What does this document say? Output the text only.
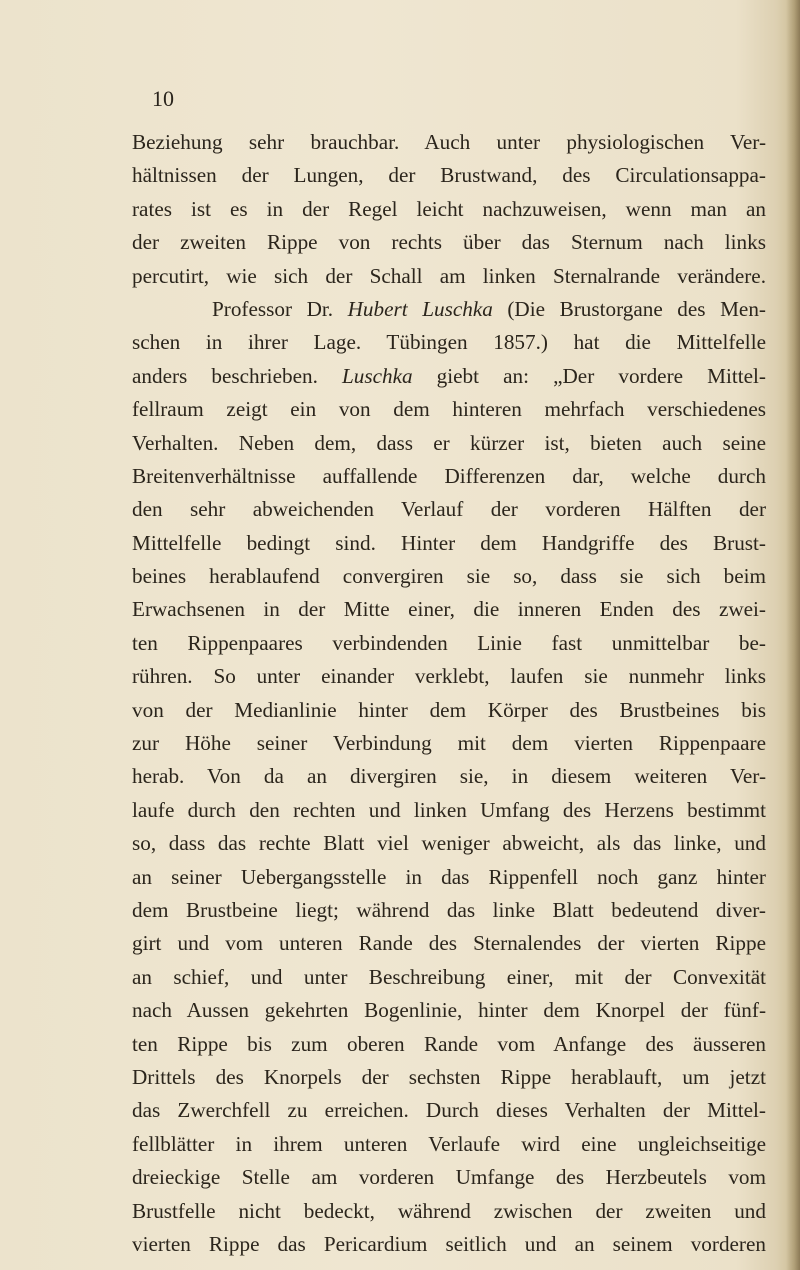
10
Beziehung sehr brauchbar. Auch unter physiologischen Ver-
hältnissen der Lungen, der Brustwand, des Circulationsappa-
rates ist es in der Regel leicht nachzuweisen, wenn man an
der zweiten Rippe von rechts über das Sternum nach links
percutirt, wie sich der Schall am linken Sternalrande verändere.
Professor Dr. Hubert Luschka (Die Brustorgane des Men-
schen in ihrer Lage. Tübingen 1857.) hat die Mittelfelle
anders beschrieben. Luschka giebt an: „Der vordere Mittel-
fellraum zeigt ein von dem hinteren mehrfach verschiedenes
Verhalten. Neben dem, dass er kürzer ist, bieten auch seine
Breitenverhältnisse auffallende Differenzen dar, welche durch
den sehr abweichenden Verlauf der vorderen Hälften der
Mittelfelle bedingt sind. Hinter dem Handgriffe des Brust-
beines herablaufend convergiren sie so, dass sie sich beim
Erwachsenen in der Mitte einer, die inneren Enden des zwei-
ten Rippenpaares verbindenden Linie fast unmittelbar be-
rühren. So unter einander verklebt, laufen sie nunmehr links
von der Medianlinie hinter dem Körper des Brustbeines bis
zur Höhe seiner Verbindung mit dem vierten Rippenpaare
herab. Von da an divergiren sie, in diesem weiteren Ver-
laufe durch den rechten und linken Umfang des Herzens bestimmt
so, dass das rechte Blatt viel weniger abweicht, als das linke, und
an seiner Uebergangsstelle in das Rippenfell noch ganz hinter
dem Brustbeine liegt; während das linke Blatt bedeutend diver-
girt und vom unteren Rande des Sternalendes der vierten Rippe
an schief, und unter Beschreibung einer, mit der Convexität
nach Aussen gekehrten Bogenlinie, hinter dem Knorpel der fünf-
ten Rippe bis zum oberen Rande vom Anfange des äusseren
Drittels des Knorpels der sechsten Rippe herablauft, um jetzt
das Zwerchfell zu erreichen. Durch dieses Verhalten der Mittel-
fellblätter in ihrem unteren Verlaufe wird eine ungleichseitige
dreieckige Stelle am vorderen Umfange des Herzbeutels vom
Brustfelle nicht bedeckt, während zwischen der zweiten und
vierten Rippe das Pericardium seitlich und an seinem vorderen
